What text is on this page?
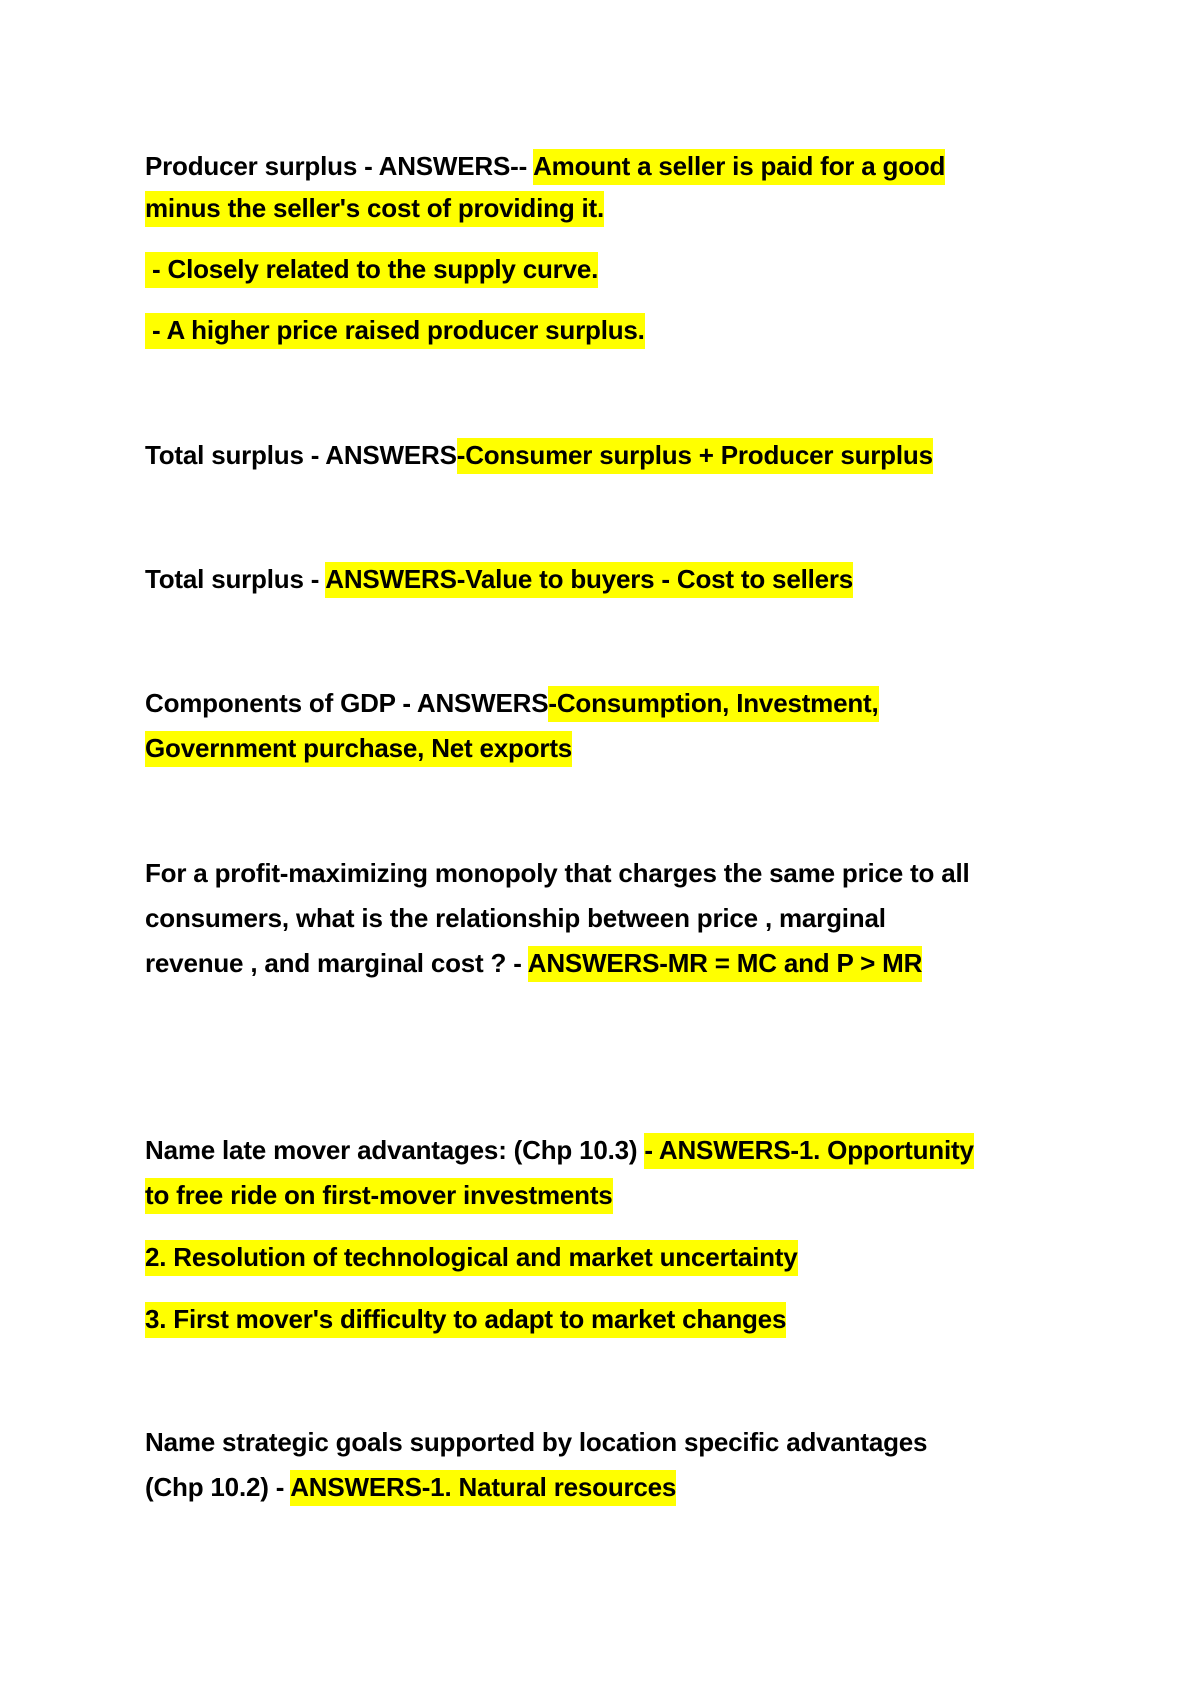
Producer surplus - ANSWERS-- Amount a seller is paid for a good
minus the seller's cost of providing it.
- Closely related to the supply curve.
- A higher price raised producer surplus.
Total surplus - ANSWERS-Consumer surplus + Producer surplus
Total surplus - ANSWERS-Value to buyers - Cost to sellers
Components of GDP - ANSWERS-Consumption, Investment,
Government purchase, Net exports
For a profit-maximizing monopoly that charges the same price to all
consumers, what is the relationship between price , marginal
revenue , and marginal cost ? - ANSWERS-MR = MC and P > MR
Name late mover advantages: (Chp 10.3) - ANSWERS-1. Opportunity
to free ride on first-mover investments
2. Resolution of technological and market uncertainty
3. First mover's difficulty to adapt to market changes
Name strategic goals supported by location specific advantages
(Chp 10.2) - ANSWERS-1. Natural resources
